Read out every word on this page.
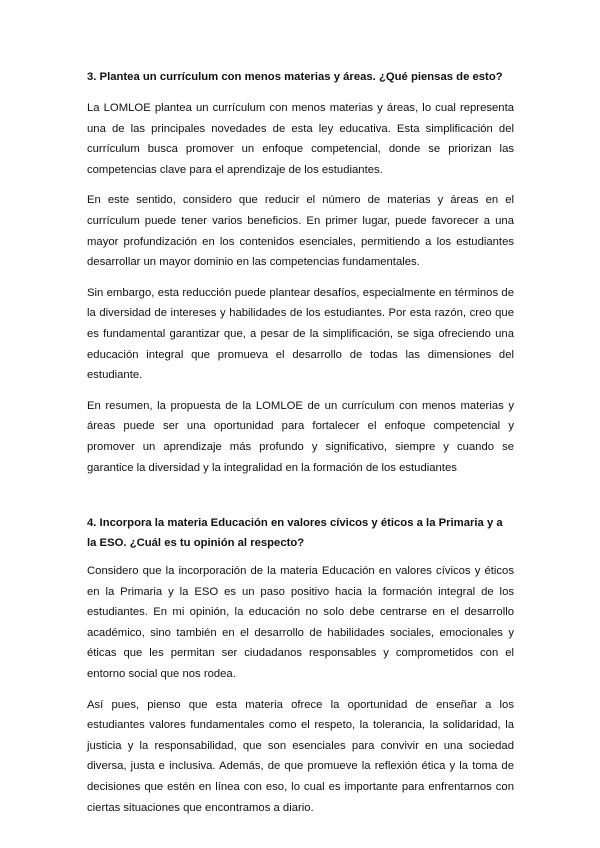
3. Plantea un currículum con menos materias y áreas. ¿Qué piensas de esto?

La LOMLOE plantea un currículum con menos materias y áreas, lo cual representa una de las principales novedades de esta ley educativa. Esta simplificación del currículum busca promover un enfoque competencial, donde se priorizan las competencias clave para el aprendizaje de los estudiantes.

En este sentido, considero que reducir el número de materias y áreas en el currículum puede tener varios beneficios. En primer lugar, puede favorecer a una mayor profundización en los contenidos esenciales, permitiendo a los estudiantes desarrollar un mayor dominio en las competencias fundamentales.

Sin embargo, esta reducción puede plantear desafíos, especialmente en términos de la diversidad de intereses y habilidades de los estudiantes. Por esta razón, creo que es fundamental garantizar que, a pesar de la simplificación, se siga ofreciendo una educación integral que promueva el desarrollo de todas las dimensiones del estudiante.

En resumen, la propuesta de la LOMLOE de un currículum con menos materias y áreas puede ser una oportunidad para fortalecer el enfoque competencial y promover un aprendizaje más profundo y significativo, siempre y cuando se garantice la diversidad y la integralidad en la formación de los estudiantes

4. Incorpora la materia Educación en valores cívicos y éticos a la Primaria y a la ESO. ¿Cuál es tu opinión al respecto?

Considero que la incorporación de la materia Educación en valores cívicos y éticos en la Primaria y la ESO es un paso positivo hacia la formación integral de los estudiantes. En mi opinión, la educación no solo debe centrarse en el desarrollo académico, sino también en el desarrollo de habilidades sociales, emocionales y éticas que les permitan ser ciudadanos responsables y comprometidos con el entorno social que nos rodea.

Así pues, pienso que esta materia ofrece la oportunidad de enseñar a los estudiantes valores fundamentales como el respeto, la tolerancia, la solidaridad, la justicia y la responsabilidad, que son esenciales para convivir en una sociedad diversa, justa e inclusiva. Además, de que promueve la reflexión ética y la toma de decisiones que estén en línea con eso, lo cual es importante para enfrentarnos con ciertas situaciones que encontramos a diario.
